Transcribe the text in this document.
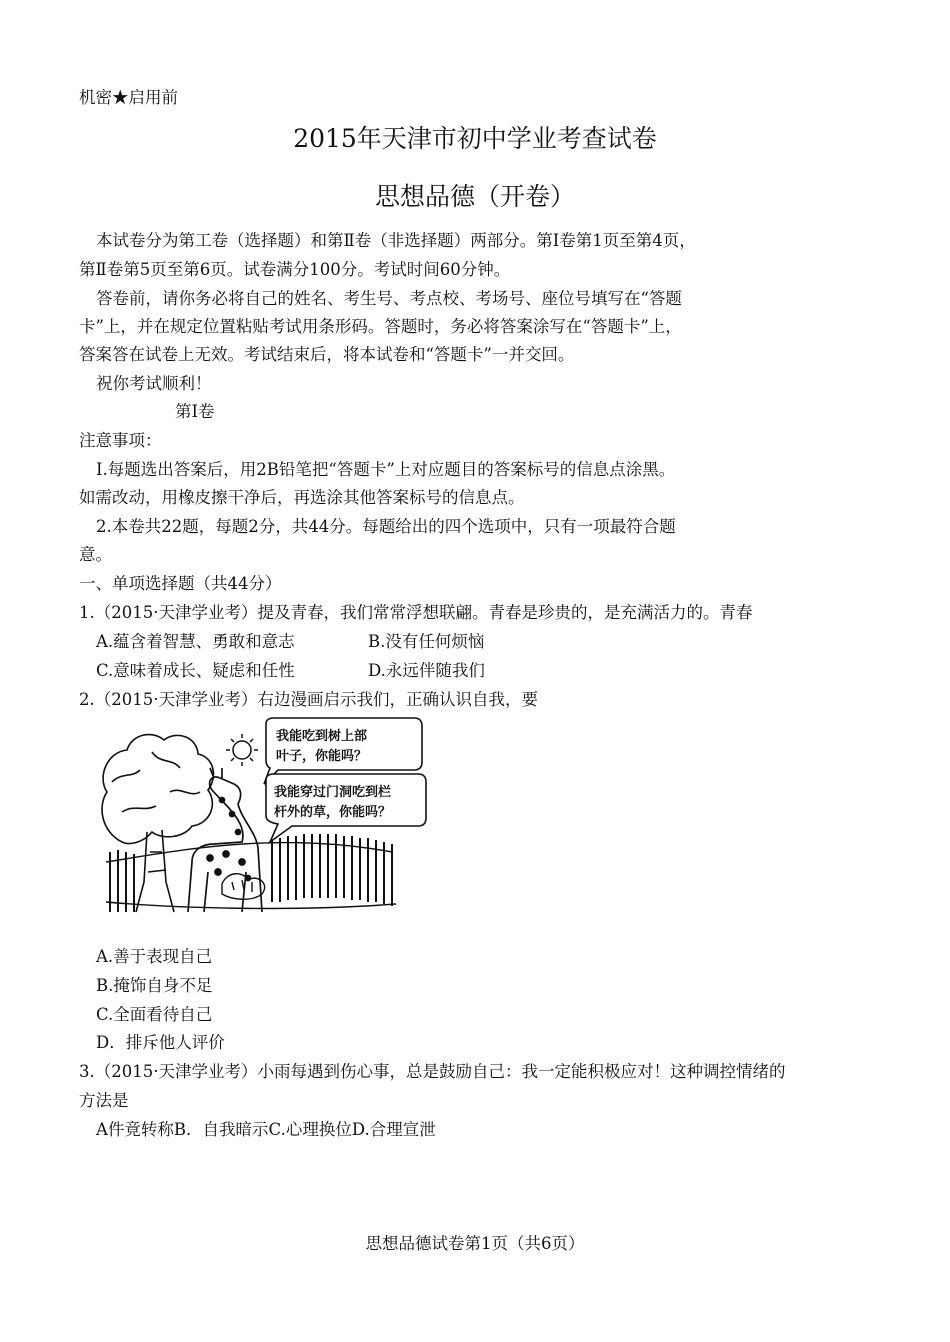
机密★启用前
2015年天津市初中学业考查试卷
思想品德（开卷）
本试卷分为第工卷（选择题）和第Ⅱ卷（非选择题）两部分。第Ⅰ卷第1页至第4页，
第Ⅱ卷第5页至第6页。试卷满分100分。考试时间60分钟。
答卷前，请你务必将自己的姓名、考生号、考点校、考场号、座位号填写在“答题
卡”上，并在规定位置粘贴考试用条形码。答题时，务必将答案涂写在“答题卡”上，
答案答在试卷上无效。考试结束后，将本试卷和“答题卡”一并交回。
祝你考试顺利！
第Ⅰ卷
注意事项：
Ⅰ.每题选出答案后，用2B铅笔把“答题卡”上对应题目的答案标号的信息点涂黑。
如需改动，用橡皮擦干净后，再选涂其他答案标号的信息点。
2.本卷共22题，每题2分，共44分。每题给出的四个选项中，只有一项最符合题
意。
一、单项选择题（共44分）
1.（2015·天津学业考）提及青春，我们常常浮想联翩。青春是珍贵的，是充满活力的。青春
A.蕴含着智慧、勇敢和意志	B.没有任何烦恼
C.意味着成长、疑虑和任性	D.永远伴随我们
2.（2015·天津学业考）右边漫画启示我们，正确认识自我，要
我能吃到树上部
叶子，你能吗？
我能穿过门洞吃到栏
杆外的草，你能吗？
A.善于表现自己
B.掩饰自身不足
C.全面看待自己
D．排斥他人评价
3.（2015·天津学业考）小雨每遇到伤心事，总是鼓励自己：我一定能积极应对！这种调控情绪的
方法是
A件竟转称B．自我暗示C.心理换位D.合理宣泄
思想品德试卷第1页（共6页）
